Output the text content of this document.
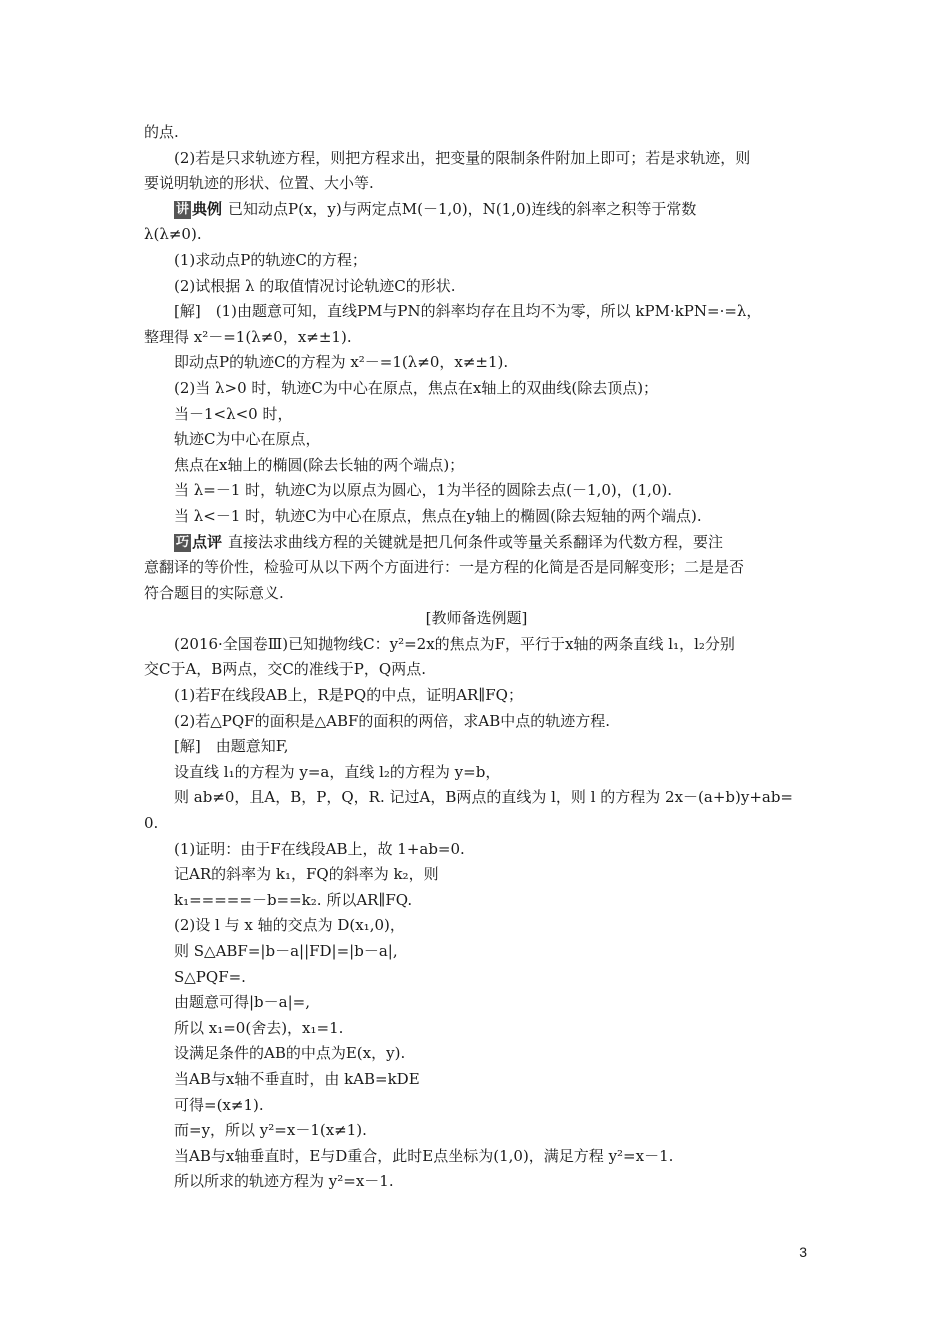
的点.
(2)若是只求轨迹方程，则把方程求出，把变量的限制条件附加上即可；若是求轨迹，则
要说明轨迹的形状、位置、大小等.
讲 典例 已知动点P(x，y)与两定点M(－1,0)，N(1,0)连线的斜率之积等于常数
λ(λ≠0).
(1)求动点P的轨迹C的方程；
(2)试根据 λ 的取值情况讨论轨迹C的形状.
[解]　(1)由题意可知，直线PM与PN的斜率均存在且均不为零，所以 kPM·kPN=·=λ，
整理得 x²－=1(λ≠0，x≠±1).
即动点P的轨迹C的方程为 x²－=1(λ≠0，x≠±1).
(2)当 λ>0 时，轨迹C为中心在原点，焦点在x轴上的双曲线(除去顶点)；
当－1<λ<0 时，
轨迹C为中心在原点，
焦点在x轴上的椭圆(除去长轴的两个端点)；
当 λ=－1 时，轨迹C为以原点为圆心，1为半径的圆除去点(－1,0)，(1,0).
当 λ<－1 时，轨迹C为中心在原点，焦点在y轴上的椭圆(除去短轴的两个端点).
巧 点评 直接法求曲线方程的关键就是把几何条件或等量关系翻译为代数方程，要注
意翻译的等价性，检验可从以下两个方面进行：一是方程的化简是否是同解变形；二是是否
符合题目的实际意义.
[教师备选例题]
(2016·全国卷Ⅲ)已知抛物线C：y²=2x的焦点为F，平行于x轴的两条直线 l₁，l₂分别
交C于A，B两点，交C的准线于P，Q两点.
(1)若F在线段AB上，R是PQ的中点，证明AR∥FQ；
(2)若△PQF的面积是△ABF的面积的两倍，求AB中点的轨迹方程.
[解]　由题意知F,
设直线 l₁的方程为 y=a，直线 l₂的方程为 y=b，
则 ab≠0，且A，B，P，Q，R. 记过A，B两点的直线为 l，则 l 的方程为 2x－(a+b)y+ab=
0.
(1)证明：由于F在线段AB上，故 1+ab=0.
记AR的斜率为 k₁，FQ的斜率为 k₂，则
k₁=====－b==k₂. 所以AR∥FQ.
(2)设 l 与 x 轴的交点为 D(x₁,0)，
则 S△ABF=|b－a||FD|=|b－a|,
S△PQF=.
由题意可得|b－a|=,
所以 x₁=0(舍去)，x₁=1.
设满足条件的AB的中点为E(x，y).
当AB与x轴不垂直时，由 kAB=kDE
可得=(x≠1).
而=y，所以 y²=x－1(x≠1).
当AB与x轴垂直时，E与D重合，此时E点坐标为(1,0)，满足方程 y²=x－1.
所以所求的轨迹方程为 y²=x－1.
3
